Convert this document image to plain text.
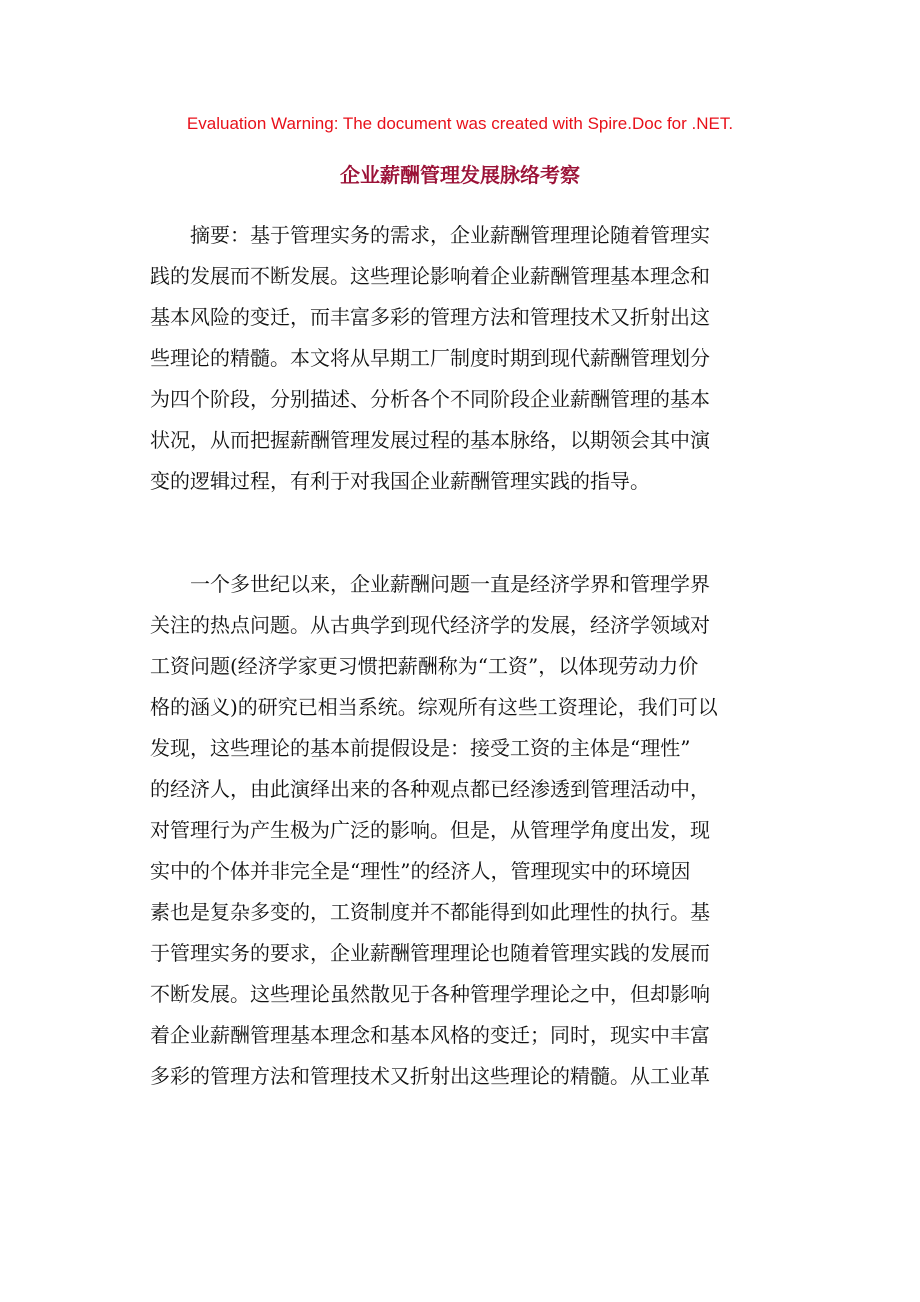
Evaluation Warning: The document was created with Spire.Doc for .NET.
企业薪酬管理发展脉络考察
摘要：基于管理实务的需求，企业薪酬管理理论随着管理实
践的发展而不断发展。这些理论影响着企业薪酬管理基本理念和
基本风险的变迁，而丰富多彩的管理方法和管理技术又折射出这
些理论的精髓。本文将从早期工厂制度时期到现代薪酬管理划分
为四个阶段，分别描述、分析各个不同阶段企业薪酬管理的基本
状况，从而把握薪酬管理发展过程的基本脉络，以期领会其中演
变的逻辑过程，有利于对我国企业薪酬管理实践的指导。
一个多世纪以来，企业薪酬问题一直是经济学界和管理学界
关注的热点问题。从古典学到现代经济学的发展，经济学领域对
工资问题(经济学家更习惯把薪酬称为“工资”，以体现劳动力价
格的涵义)的研究已相当系统。综观所有这些工资理论，我们可以
发现，这些理论的基本前提假设是：接受工资的主体是“理性”
的经济人，由此演绎出来的各种观点都已经渗透到管理活动中，
对管理行为产生极为广泛的影响。但是，从管理学角度出发，现
实中的个体并非完全是“理性”的经济人，管理现实中的环境因
素也是复杂多变的，工资制度并不都能得到如此理性的执行。基
于管理实务的要求，企业薪酬管理理论也随着管理实践的发展而
不断发展。这些理论虽然散见于各种管理学理论之中，但却影响
着企业薪酬管理基本理念和基本风格的变迁；同时，现实中丰富
多彩的管理方法和管理技术又折射出这些理论的精髓。从工业革
